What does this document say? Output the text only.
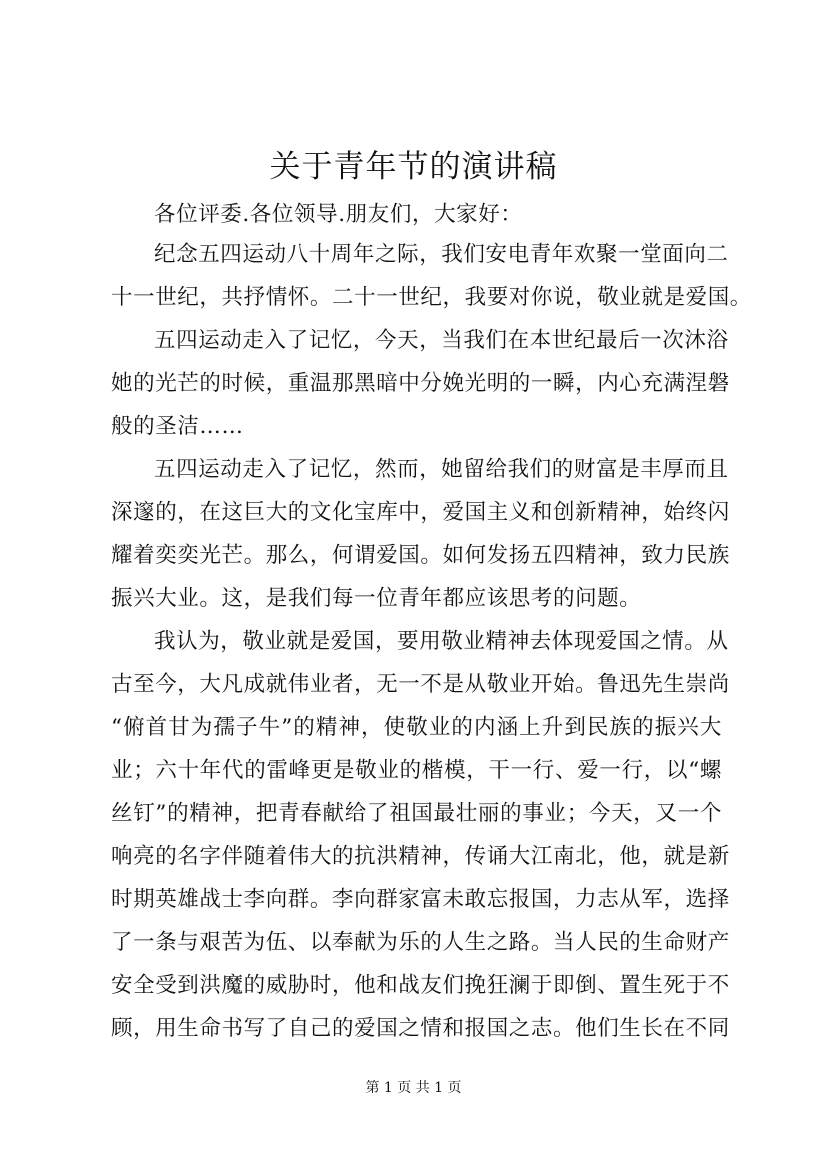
关于青年节的演讲稿
各位评委.各位领导.朋友们，大家好：
纪念五四运动八十周年之际，我们安电青年欢聚一堂面向二
十一世纪，共抒情怀。二十一世纪，我要对你说，敬业就是爱国。
五四运动走入了记忆，今天，当我们在本世纪最后一次沐浴
她的光芒的时候，重温那黑暗中分娩光明的一瞬，内心充满涅磐
般的圣洁……
五四运动走入了记忆，然而，她留给我们的财富是丰厚而且
深邃的，在这巨大的文化宝库中，爱国主义和创新精神，始终闪
耀着奕奕光芒。那么，何谓爱国。如何发扬五四精神，致力民族
振兴大业。这，是我们每一位青年都应该思考的问题。
我认为，敬业就是爱国，要用敬业精神去体现爱国之情。从
古至今，大凡成就伟业者，无一不是从敬业开始。鲁迅先生崇尚
“俯首甘为孺子牛”的精神，使敬业的内涵上升到民族的振兴大
业；六十年代的雷峰更是敬业的楷模，干一行、爱一行，以“螺
丝钉”的精神，把青春献给了祖国最壮丽的事业；今天，又一个
响亮的名字伴随着伟大的抗洪精神，传诵大江南北，他，就是新
时期英雄战士李向群。李向群家富未敢忘报国，力志从军，选择
了一条与艰苦为伍、以奉献为乐的人生之路。当人民的生命财产
安全受到洪魔的威胁时，他和战友们挽狂澜于即倒、置生死于不
顾，用生命书写了自己的爱国之情和报国之志。他们生长在不同
第 1 页 共 1 页
